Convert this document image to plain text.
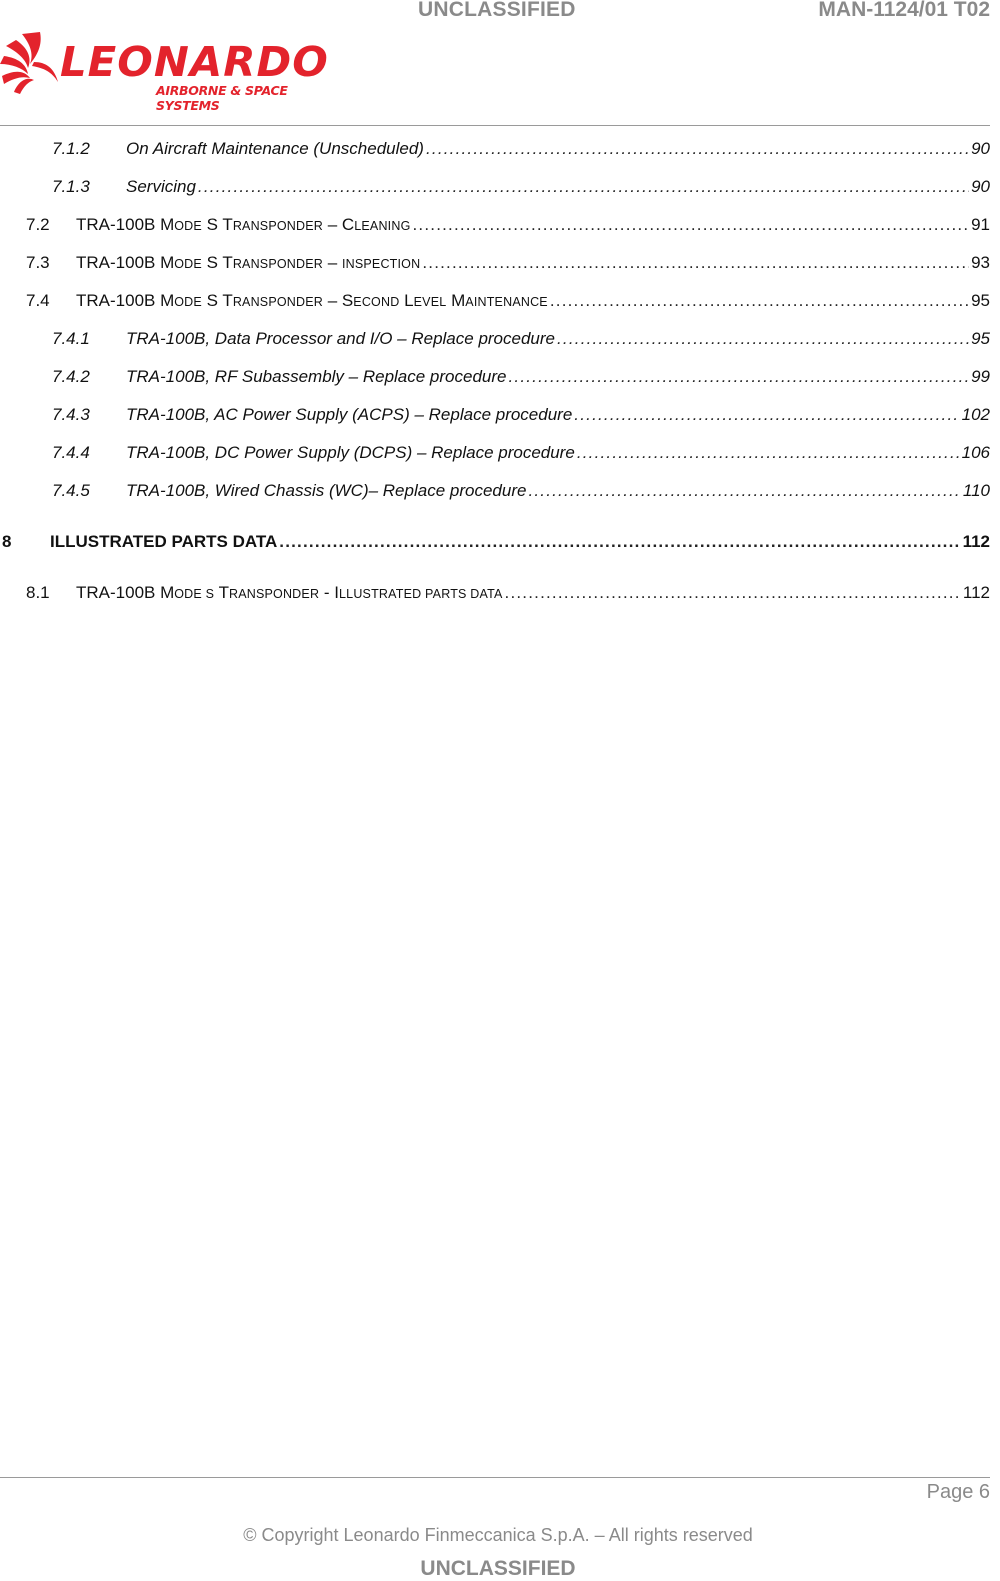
UNCLASSIFIED	MAN-1124/01 T02
LEONARDO
AIRBORNE & SPACE SYSTEMS
7.1.2 On Aircraft Maintenance (Unscheduled) .....	90
7.1.3 Servicing .....	90
7.2 TRA-100B MODE S TRANSPONDER – CLEANING .....	91
7.3 TRA-100B MODE S TRANSPONDER – INSPECTION .....	93
7.4 TRA-100B MODE S TRANSPONDER – SECOND LEVEL MAINTENANCE .....	95
7.4.1 TRA-100B, Data Processor and I/O – Replace procedure .....	95
7.4.2 TRA-100B, RF Subassembly – Replace procedure .....	99
7.4.3 TRA-100B, AC Power Supply (ACPS) – Replace procedure .....	102
7.4.4 TRA-100B, DC Power Supply (DCPS) – Replace procedure .....	106
7.4.5 TRA-100B, Wired Chassis (WC)– Replace procedure .....	110
8 ILLUSTRATED PARTS DATA .....	112
8.1 TRA-100B MODE S TRANSPONDER - ILLUSTRATED PARTS DATA .....	112
Page 6
© Copyright Leonardo Finmeccanica S.p.A. – All rights reserved
UNCLASSIFIED
